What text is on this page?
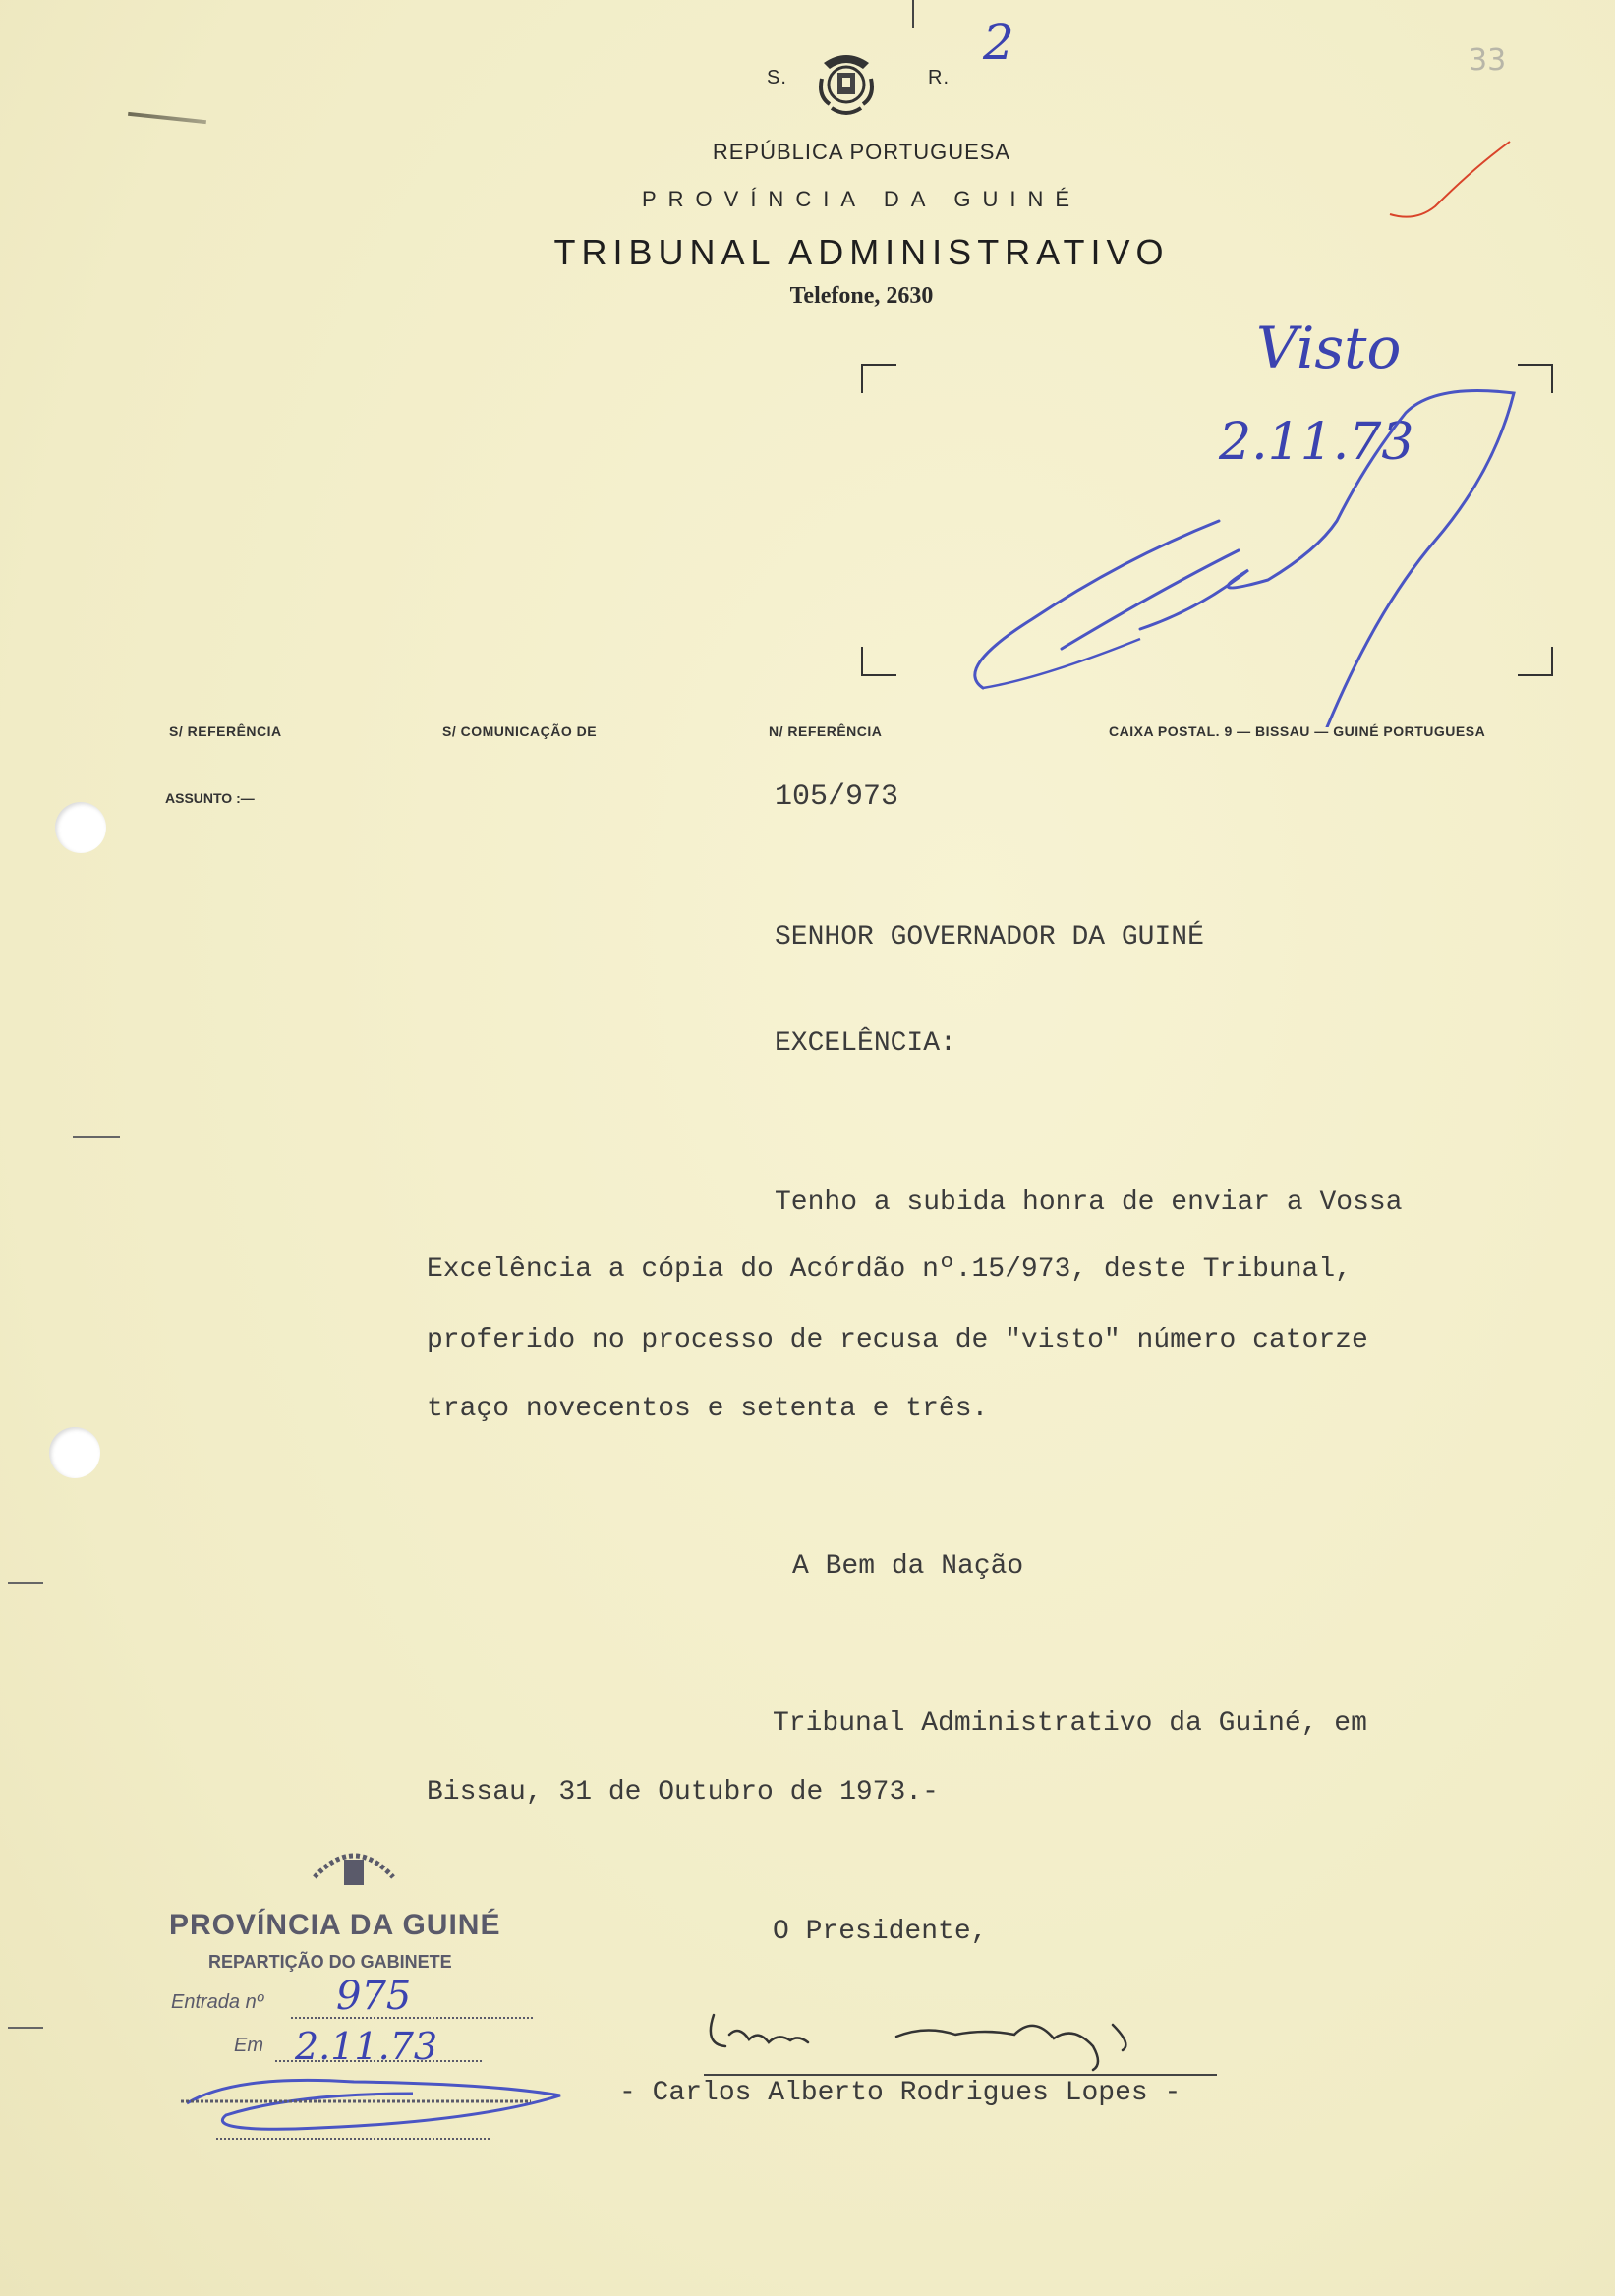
2	33
S.	R.
REPÚBLICA PORTUGUESA
PROVÍNCIA DA GUINÉ
TRIBUNAL ADMINISTRATIVO
Telefone, 2630
Visto
2.11.73
S/ REFERÊNCIA	S/ COMUNICAÇÃO DE	N/ REFERÊNCIA	CAIXA POSTAL. 9 — BISSAU — GUINÉ PORTUGUESA
ASSUNTO :—	105/973
SENHOR GOVERNADOR DA GUINÉ
EXCELÊNCIA:
Tenho a subida honra de enviar a Vossa
Excelência a cópia do Acórdão nº.15/973, deste Tribunal,
proferido no processo de recusa de "visto" número catorze
traço novecentos e setenta e três.
A Bem da Nação
Tribunal Administrativo da Guiné, em
Bissau, 31 de Outubro de 1973.-
O Presidente,
- Carlos Alberto Rodrigues Lopes -
PROVÍNCIA DA GUINÉ
REPARTIÇÃO DO GABINETE
Entrada nº 975
Em 2.11.73
